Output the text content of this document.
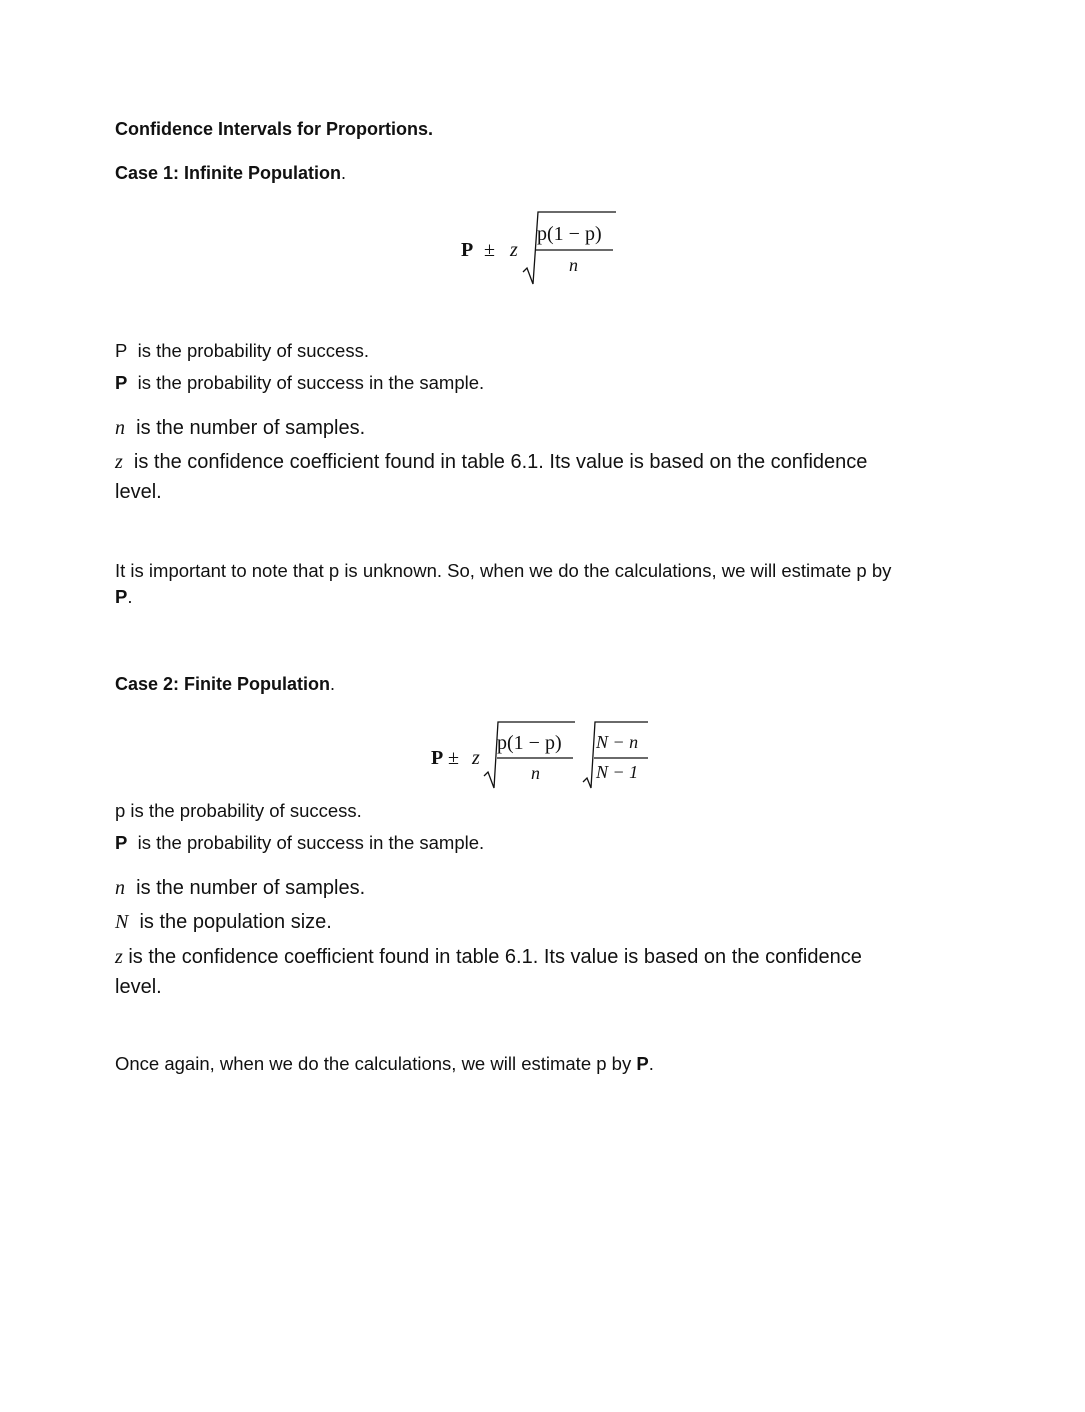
Confidence Intervals for Proportions.
Case 1: Infinite Population.
P ± z
p(1 − p)
n
P is the probability of success.
P is the probability of success in the sample.
n is the number of samples.
z is the confidence coefficient found in table 6.1. Its value is based on the confidence
level.
It is important to note that p is unknown. So, when we do the calculations, we will estimate p by
P.
Case 2: Finite Population.
P ± z
p(1 − p)
n
N − n
N − 1
p is the probability of success.
P is the probability of success in the sample.
n is the number of samples.
N is the population size.
z is the confidence coefficient found in table 6.1. Its value is based on the confidence
level.
Once again, when we do the calculations, we will estimate p by P.
